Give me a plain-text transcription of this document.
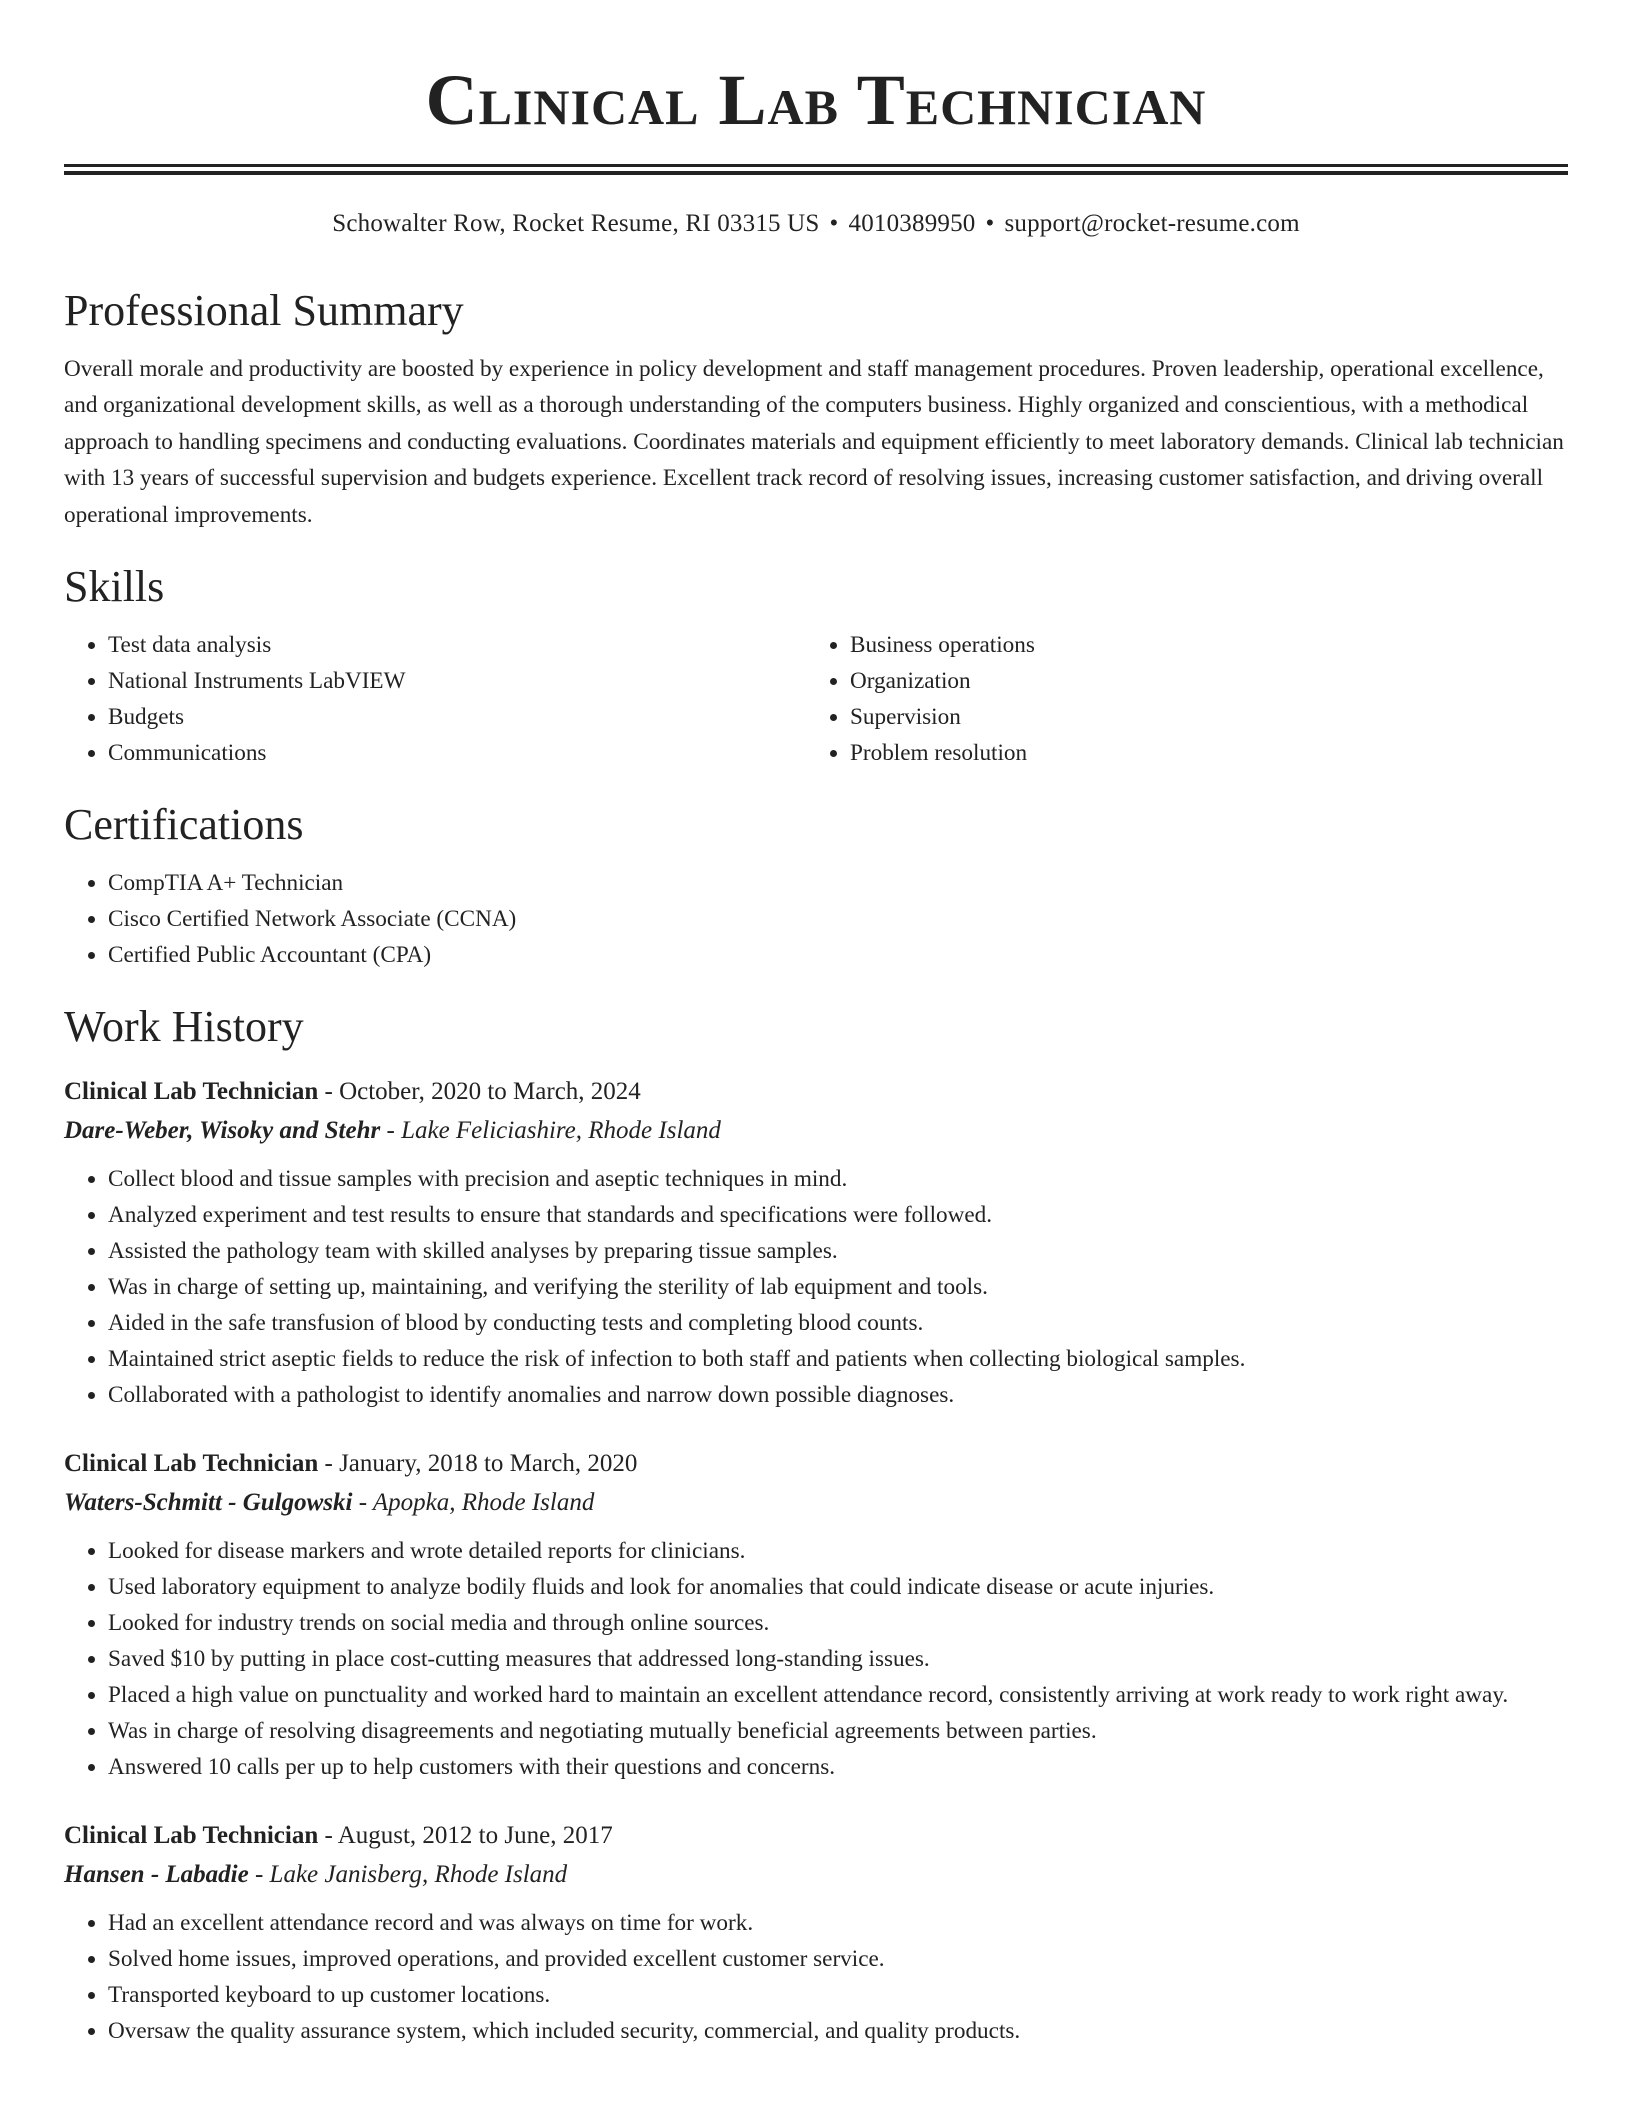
Clinical Lab Technician
Schowalter Row, Rocket Resume, RI 03315 US • 4010389950 • support@rocket-resume.com
Professional Summary
Overall morale and productivity are boosted by experience in policy development and staff management procedures. Proven leadership, operational excellence, and organizational development skills, as well as a thorough understanding of the computers business. Highly organized and conscientious, with a methodical approach to handling specimens and conducting evaluations. Coordinates materials and equipment efficiently to meet laboratory demands. Clinical lab technician with 13 years of successful supervision and budgets experience. Excellent track record of resolving issues, increasing customer satisfaction, and driving overall operational improvements.
Skills
• Test data analysis
• National Instruments LabVIEW
• Budgets
• Communications
• Business operations
• Organization
• Supervision
• Problem resolution
Certifications
• CompTIA A+ Technician
• Cisco Certified Network Associate (CCNA)
• Certified Public Accountant (CPA)
Work History
Clinical Lab Technician - October, 2020 to March, 2024
Dare-Weber, Wisoky and Stehr - Lake Feliciashire, Rhode Island
• Collect blood and tissue samples with precision and aseptic techniques in mind.
• Analyzed experiment and test results to ensure that standards and specifications were followed.
• Assisted the pathology team with skilled analyses by preparing tissue samples.
• Was in charge of setting up, maintaining, and verifying the sterility of lab equipment and tools.
• Aided in the safe transfusion of blood by conducting tests and completing blood counts.
• Maintained strict aseptic fields to reduce the risk of infection to both staff and patients when collecting biological samples.
• Collaborated with a pathologist to identify anomalies and narrow down possible diagnoses.
Clinical Lab Technician - January, 2018 to March, 2020
Waters-Schmitt - Gulgowski - Apopka, Rhode Island
• Looked for disease markers and wrote detailed reports for clinicians.
• Used laboratory equipment to analyze bodily fluids and look for anomalies that could indicate disease or acute injuries.
• Looked for industry trends on social media and through online sources.
• Saved $10 by putting in place cost-cutting measures that addressed long-standing issues.
• Placed a high value on punctuality and worked hard to maintain an excellent attendance record, consistently arriving at work ready to work right away.
• Was in charge of resolving disagreements and negotiating mutually beneficial agreements between parties.
• Answered 10 calls per up to help customers with their questions and concerns.
Clinical Lab Technician - August, 2012 to June, 2017
Hansen - Labadie - Lake Janisberg, Rhode Island
• Had an excellent attendance record and was always on time for work.
• Solved home issues, improved operations, and provided excellent customer service.
• Transported keyboard to up customer locations.
• Oversaw the quality assurance system, which included security, commercial, and quality products.
